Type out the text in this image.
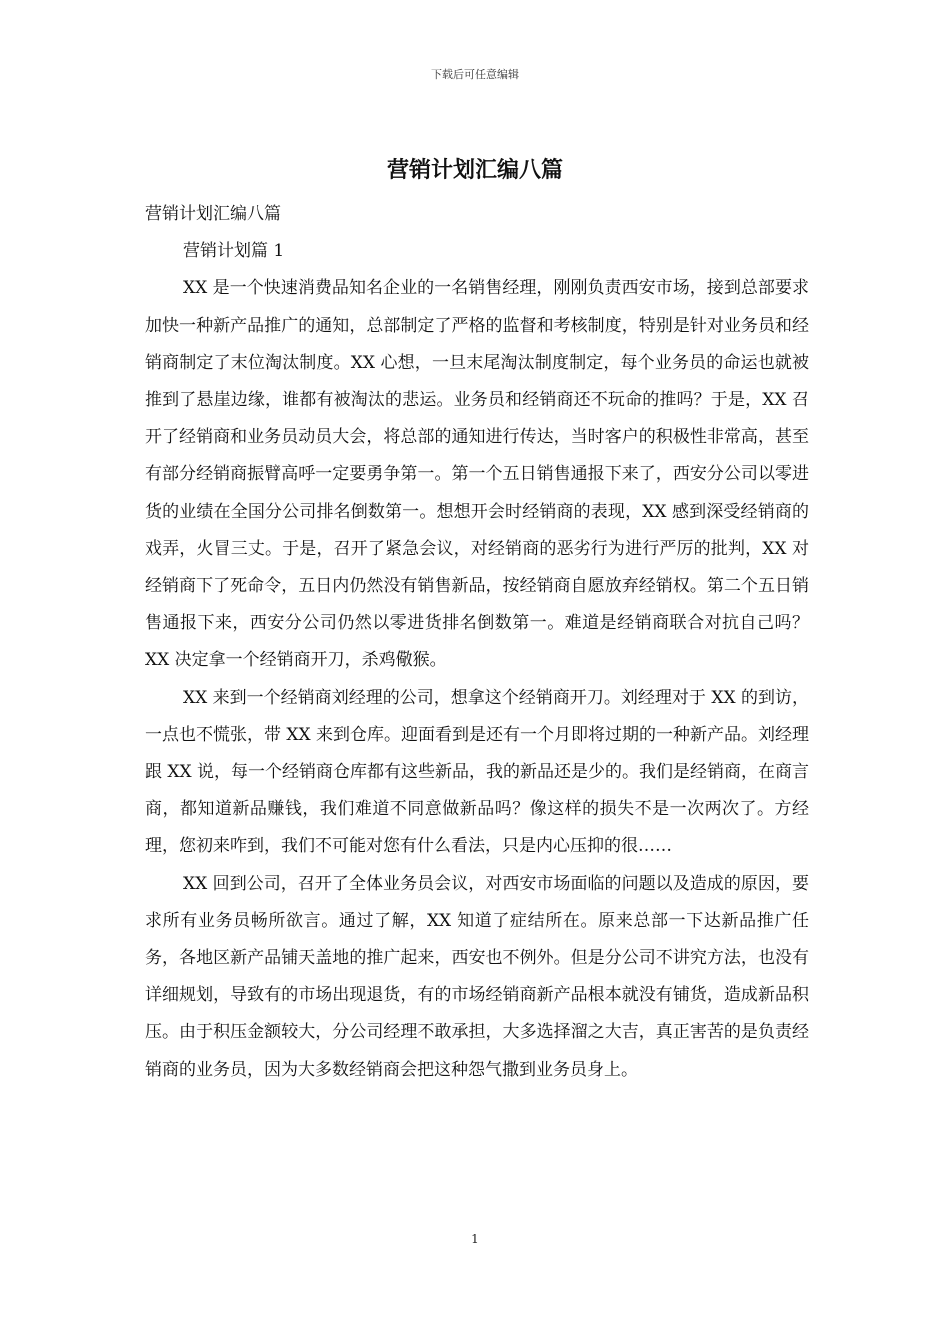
下载后可任意编辑
营销计划汇编八篇

营销计划汇编八篇

营销计划篇 1

XX 是一个快速消费品知名企业的一名销售经理，刚刚负责西安市场，接到总部要求加快一种新产品推广的通知，总部制定了严格的监督和考核制度，特别是针对业务员和经销商制定了末位淘汰制度。XX 心想，一旦末尾淘汰制度制定，每个业务员的命运也就被推到了悬崖边缘，谁都有被淘汰的悲运。业务员和经销商还不玩命的推吗？于是，XX 召开了经销商和业务员动员大会，将总部的通知进行传达，当时客户的积极性非常高，甚至有部分经销商振臂高呼一定要勇争第一。第一个五日销售通报下来了，西安分公司以零进货的业绩在全国分公司排名倒数第一。想想开会时经销商的表现，XX 感到深受经销商的戏弄，火冒三丈。于是，召开了紧急会议，对经销商的恶劣行为进行严厉的批判，XX 对经销商下了死命令，五日内仍然没有销售新品，按经销商自愿放弃经销权。第二个五日销售通报下来，西安分公司仍然以零进货排名倒数第一。难道是经销商联合对抗自己吗？XX 决定拿一个经销商开刀，杀鸡儆猴。

XX 来到一个经销商刘经理的公司，想拿这个经销商开刀。刘经理对于 XX 的到访，一点也不慌张，带 XX 来到仓库。迎面看到是还有一个月即将过期的一种新产品。刘经理跟 XX 说，每一个经销商仓库都有这些新品，我的新品还是少的。我们是经销商，在商言商，都知道新品赚钱，我们难道不同意做新品吗？像这样的损失不是一次两次了。方经理，您初来咋到，我们不可能对您有什么看法，只是内心压抑的很……

XX 回到公司，召开了全体业务员会议，对西安市场面临的问题以及造成的原因，要求所有业务员畅所欲言。通过了解，XX 知道了症结所在。原来总部一下达新品推广任务，各地区新产品铺天盖地的推广起来，西安也不例外。但是分公司不讲究方法，也没有详细规划，导致有的市场出现退货，有的市场经销商新产品根本就没有铺货，造成新品积压。由于积压金额较大，分公司经理不敢承担，大多选择溜之大吉，真正害苦的是负责经销商的业务员，因为大多数经销商会把这种怨气撒到业务员身上。

1
